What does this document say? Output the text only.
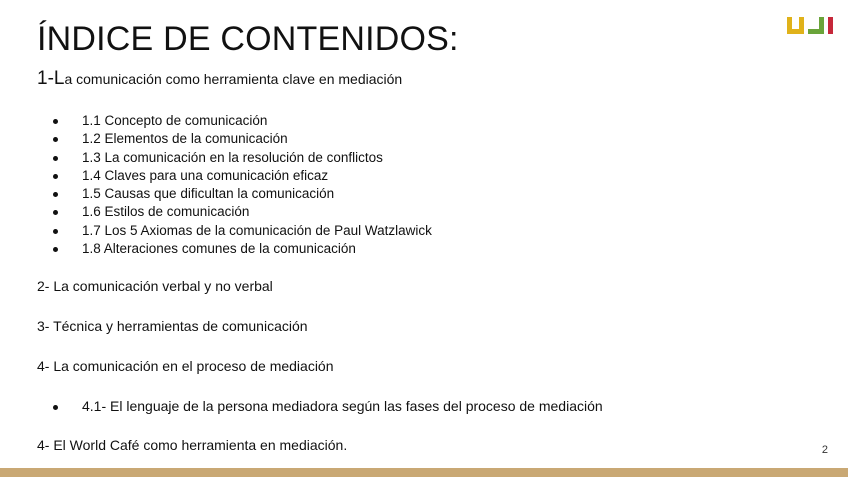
ÍNDICE DE CONTENIDOS:
1-La comunicación como herramienta clave en mediación
1.1 Concepto de comunicación
1.2 Elementos de la comunicación
1.3 La comunicación en la resolución de conflictos
1.4 Claves para una comunicación eficaz
1.5 Causas que dificultan la comunicación
1.6 Estilos de comunicación
1.7 Los 5 Axiomas de la comunicación de Paul Watzlawick
1.8 Alteraciones comunes de la comunicación
2- La comunicación verbal y no verbal
3- Técnica y herramientas de comunicación
4- La comunicación en el proceso de mediación
4.1- El lenguaje de la persona mediadora según las fases del proceso de mediación
4- El World Café como herramienta en mediación.	2
